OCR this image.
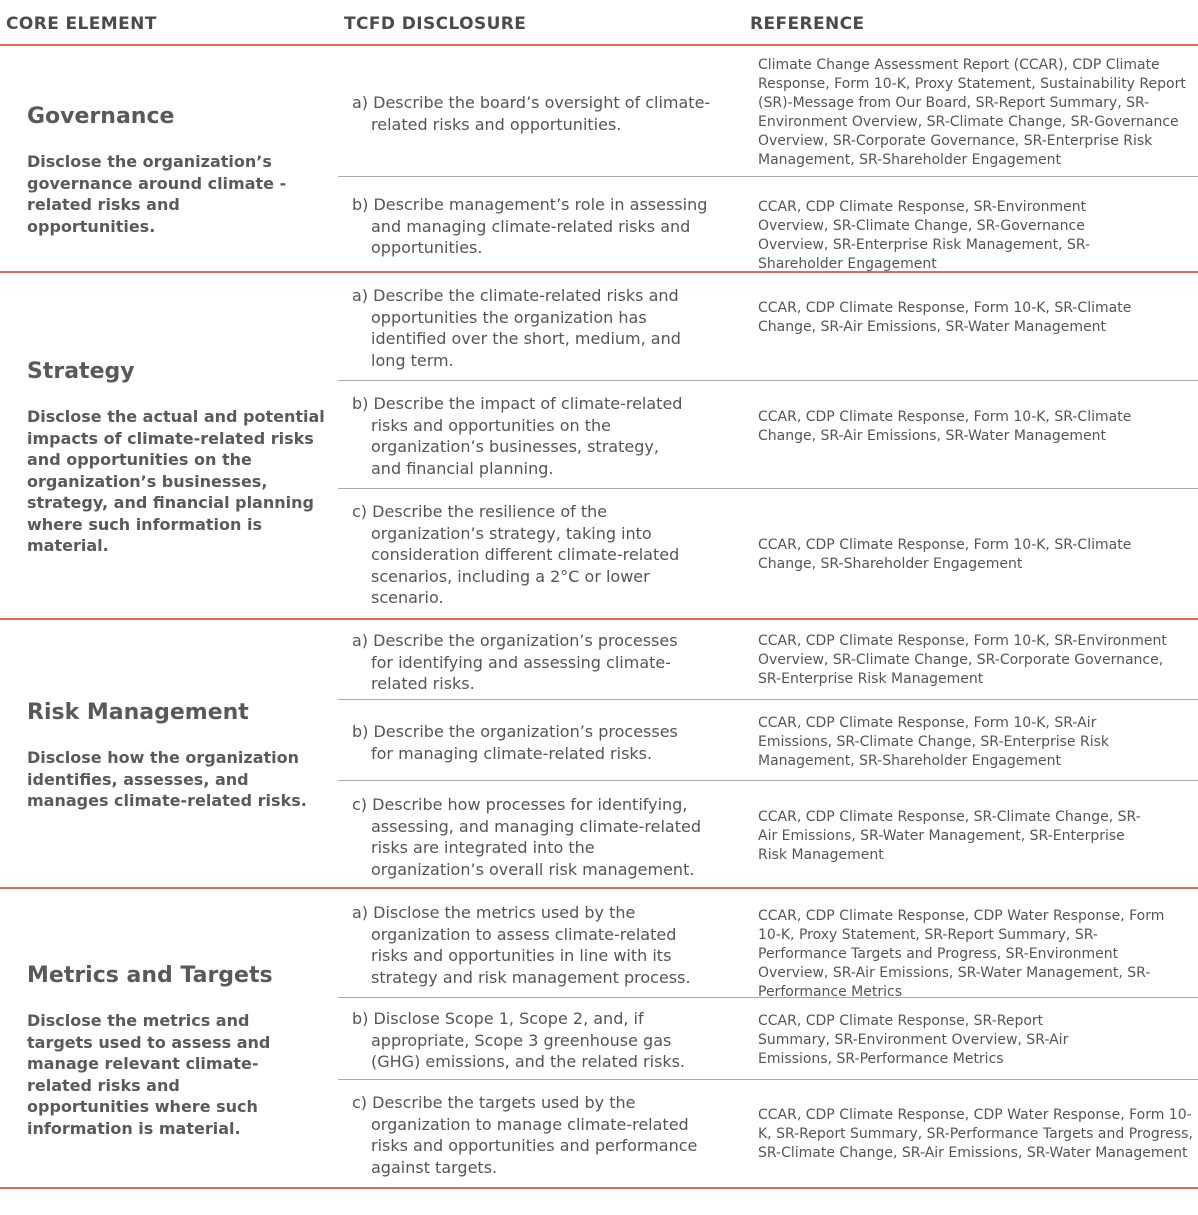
CORE ELEMENT	TCFD DISCLOSURE	REFERENCE
Governance
Disclose the organization’s governance around climate -related risks and opportunities.
a) Describe the board’s oversight of climate-related risks and opportunities.
Climate Change Assessment Report (CCAR), CDP Climate Response, Form 10-K, Proxy Statement, Sustainability Report (SR)-Message from Our Board, SR-Report Summary, SR-Environment Overview, SR-Climate Change, SR-Governance Overview, SR-Corporate Governance, SR-Enterprise Risk Management, SR-Shareholder Engagement
b) Describe management’s role in assessing and managing climate-related risks and opportunities.
CCAR, CDP Climate Response, SR-Environment Overview, SR-Climate Change, SR-Governance Overview, SR-Enterprise Risk Management, SR-Shareholder Engagement
Strategy
Disclose the actual and potential impacts of climate-related risks and opportunities on the organization’s businesses, strategy, and financial planning where such information is material.
a) Describe the climate-related risks and opportunities the organization has identified over the short, medium, and long term.
CCAR, CDP Climate Response, Form 10-K, SR-Climate Change, SR-Air Emissions, SR-Water Management
b) Describe the impact of climate-related risks and opportunities on the organization’s businesses, strategy, and financial planning.
CCAR, CDP Climate Response, Form 10-K, SR-Climate Change, SR-Air Emissions, SR-Water Management
c) Describe the resilience of the organization’s strategy, taking into consideration different climate-related scenarios, including a 2°C or lower scenario.
CCAR, CDP Climate Response, Form 10-K, SR-Climate Change, SR-Shareholder Engagement
Risk Management
Disclose how the organization identifies, assesses, and manages climate-related risks.
a) Describe the organization’s processes for identifying and assessing climate-related risks.
CCAR, CDP Climate Response, Form 10-K, SR-Environment Overview, SR-Climate Change, SR-Corporate Governance, SR-Enterprise Risk Management
b) Describe the organization’s processes for managing climate-related risks.
CCAR, CDP Climate Response, Form 10-K, SR-Air Emissions, SR-Climate Change, SR-Enterprise Risk Management, SR-Shareholder Engagement
c) Describe how processes for identifying, assessing, and managing climate-related risks are integrated into the organization’s overall risk management.
CCAR, CDP Climate Response, SR-Climate Change, SR-Air Emissions, SR-Water Management, SR-Enterprise Risk Management
Metrics and Targets
Disclose the metrics and targets used to assess and manage relevant climate-related risks and opportunities where such information is material.
a) Disclose the metrics used by the organization to assess climate-related risks and opportunities in line with its strategy and risk management process.
CCAR, CDP Climate Response, CDP Water Response, Form 10-K, Proxy Statement, SR-Report Summary, SR-Performance Targets and Progress, SR-Environment Overview, SR-Air Emissions, SR-Water Management, SR-Performance Metrics
b) Disclose Scope 1, Scope 2, and, if appropriate, Scope 3 greenhouse gas (GHG) emissions, and the related risks.
CCAR, CDP Climate Response, SR-Report Summary, SR-Environment Overview, SR-Air Emissions, SR-Performance Metrics
c) Describe the targets used by the organization to manage climate-related risks and opportunities and performance against targets.
CCAR, CDP Climate Response, CDP Water Response, Form 10-K, SR-Report Summary, SR-Performance Targets and Progress, SR-Climate Change, SR-Air Emissions, SR-Water Management
